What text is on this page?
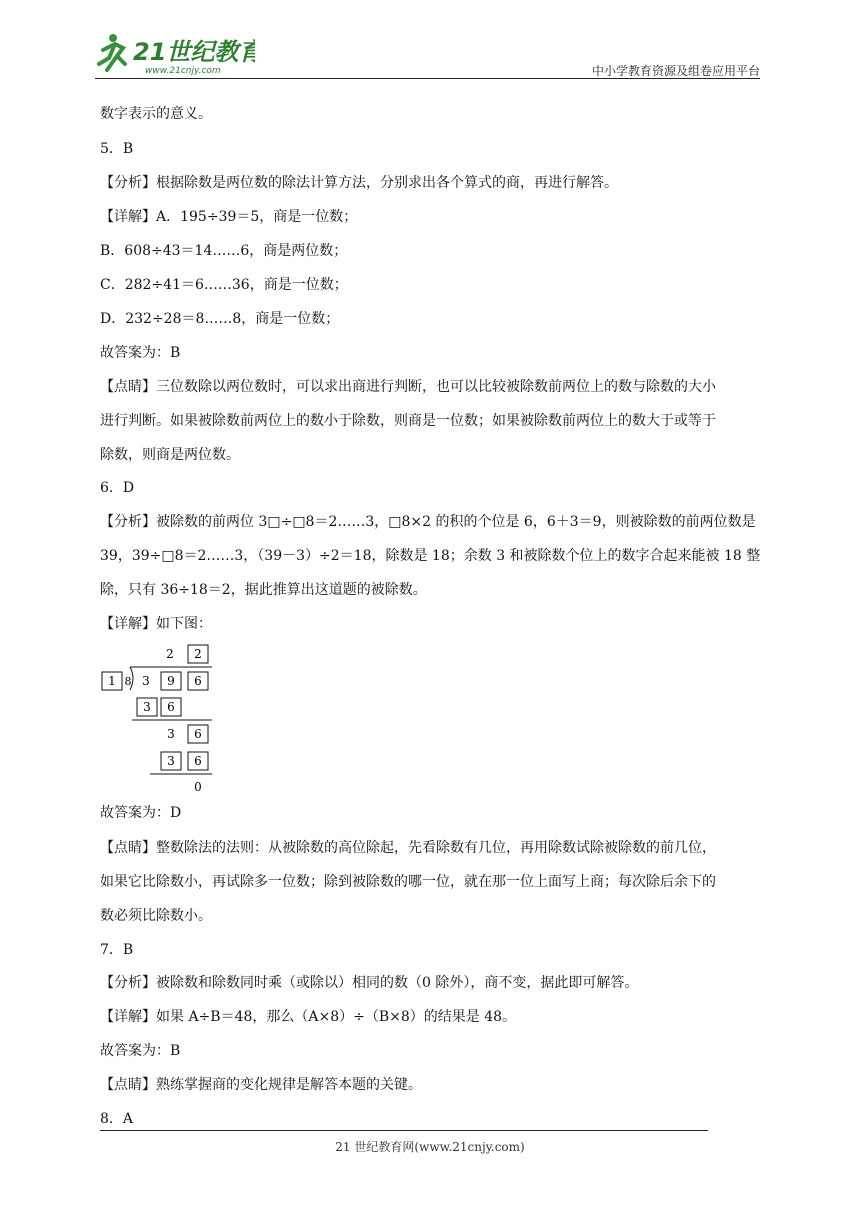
21世纪教育
www.21cnjy.com	中小学教育资源及组卷应用平台
数字表示的意义。
5．B
【分析】根据除数是两位数的除法计算方法，分别求出各个算式的商，再进行解答。
【详解】A．195÷39＝5，商是一位数；
B．608÷43＝14……6，商是两位数；
C．282÷41＝6……36，商是一位数；
D．232÷28＝8……8，商是一位数；
故答案为：B
【点睛】三位数除以两位数时，可以求出商进行判断，也可以比较被除数前两位上的数与除数的大小
进行判断。如果被除数前两位上的数小于除数，则商是一位数；如果被除数前两位上的数大于或等于
除数，则商是两位数。
6．D
【分析】被除数的前两位 3□÷□8＝2……3，□8×2 的积的个位是 6，6＋3＝9，则被除数的前两位数是
39，39÷□8＝2……3，（39－3）÷2＝18，除数是 18；余数 3 和被除数个位上的数字合起来能被 18 整
除，只有 36÷18＝2，据此推算出这道题的被除数。
【详解】如下图：
故答案为：D
【点睛】整数除法的法则：从被除数的高位除起，先看除数有几位，再用除数试除被除数的前几位，
如果它比除数小，再试除多一位数；除到被除数的哪一位，就在那一位上面写上商；每次除后余下的
数必须比除数小。
7．B
【分析】被除数和除数同时乘（或除以）相同的数（0 除外），商不变，据此即可解答。
【详解】如果 A÷B＝48，那么（A×8）÷（B×8）的结果是 48。
故答案为：B
【点睛】熟练掌握商的变化规律是解答本题的关键。
8．A
2 2
1 8 3 9 6
3 6
3 6
3 6
0
21 世纪教育网(www.21cnjy.com)
